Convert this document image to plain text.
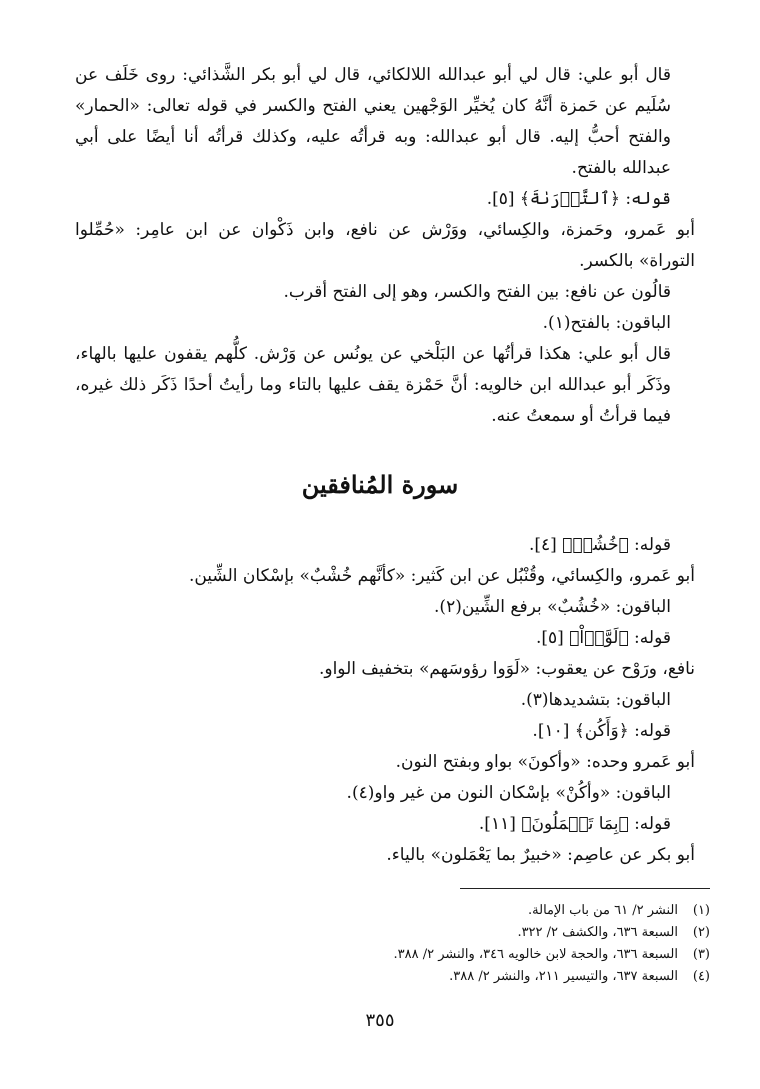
قال أبو علي: قال لي أبو عبدالله اللالكائي، قال لي أبو بكر الشَّذائي: روى خَلَف عن سُلَيم عن حَمزة أنَّهُ كان يُخيِّر الوَجْهين يعني الفتح والكسر في قوله تعالى: «الحمار» والفتح أحبُّ إليه. قال أبو عبدالله: وبه قرأتُه عليه، وكذلك قرأتُه أنا أيضًا على أبي عبدالله بالفتح.

قوله: ﴿ٱلتَّوۡرَىٰةَ﴾ [٥].

أبو عَمرو، وحَمزة، والكِسائي، ووَرْش عن نافع، وابن ذَكْوان عن ابن عامِر: «حُمِّلوا التوراة» بالكسر.

قالُون عن نافع: بين الفتح والكسر، وهو إلى الفتح أقرب.

الباقون: بالفتح(١).

قال أبو علي: هكذا قرأتُها عن البَلْخي عن يونُس عن وَرْش. كلُّهم يقفون عليها بالهاء، وذَكَر أبو عبدالله ابن خالويه: أنَّ حَمْزة يقف عليها بالتاء وما رأيتُ أحدًا ذَكَر ذلك غيره، فيما قرأتُ أو سمعتُ عنه.

سورة المُنافقين

قوله: ﴿خُشُبٞ﴾ [٤].

أبو عَمرو، والكِسائي، وقُنْبُل عن ابن كَثير: «كأنَّهم خُشْبٌ» بإسْكان الشِّين.

الباقون: «خُشُبٌ» برفع الشِّين(٢).

قوله: ﴿لَوَّوۡاْ﴾ [٥].

نافع، ورَوْح عن يعقوب: «لَوَوا رؤوسَهم» بتخفيف الواو.

الباقون: بتشديدها(٣).

قوله: ﴿وَأَكُن﴾ [١٠].

أبو عَمرو وحده: «وأكونَ» بواو وبفتح النون.

الباقون: «وأكُنْ» بإسْكان النون من غير واو(٤).

قوله: ﴿بِمَا تَعۡمَلُونَ﴾ [١١].

أبو بكر عن عاصِم: «خبيرٌ بما يَعْمَلون» بالياء.

(١)
النشر ٢/ ٦١ من باب الإمالة.

(٢)
السبعة ٦٣٦، والكشف ٢/ ٣٢٢.

(٣)
السبعة ٦٣٦، والحجة لابن خالويه ٣٤٦، والنشر ٢/ ٣٨٨.

(٤)
السبعة ٦٣٧، والتيسير ٢١١، والنشر ٢/ ٣٨٨.

٣٥٥
